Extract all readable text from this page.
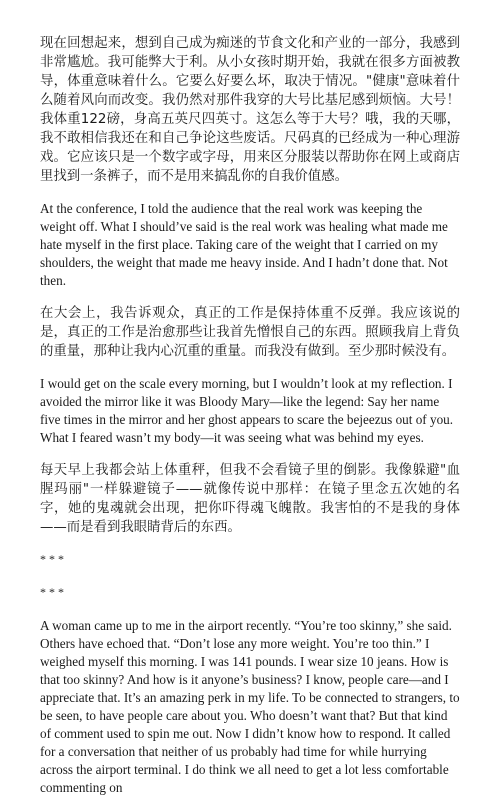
现在回想起来，想到自己成为痴迷的节食文化和产业的一部分，我感到非常尴尬。我可能弊大于利。从小女孩时期开始，我就在很多方面被教导，体重意味着什么。它要么好要么坏，取决于情况。"健康"意味着什么随着风向而改变。我仍然对那件我穿的大号比基尼感到烦恼。大号！我体重122磅，身高五英尺四英寸。这怎么等于大号？哦，我的天哪，我不敢相信我还在和自己争论这些废话。尺码真的已经成为一种心理游戏。它应该只是一个数字或字母，用来区分服装以帮助你在网上或商店里找到一条裤子，而不是用来搞乱你的自我价值感。

At the conference, I told the audience that the real work was keeping the weight off. What I should’ve said is the real work was healing what made me hate myself in the first place. Taking care of the weight that I carried on my shoulders, the weight that made me heavy inside. And I hadn’t done that. Not then.

在大会上，我告诉观众，真正的工作是保持体重不反弹。我应该说的是，真正的工作是治愈那些让我首先憎恨自己的东西。照顾我肩上背负的重量，那种让我内心沉重的重量。而我没有做到。至少那时候没有。

I would get on the scale every morning, but I wouldn’t look at my reflection. I avoided the mirror like it was Bloody Mary—like the legend: Say her name five times in the mirror and her ghost appears to scare the bejeezus out of you. What I feared wasn’t my body—it was seeing what was behind my eyes.

每天早上我都会站上体重秤，但我不会看镜子里的倒影。我像躲避"血腥玛丽"一样躲避镜子——就像传说中那样：在镜子里念五次她的名字，她的鬼魂就会出现，把你吓得魂飞魄散。我害怕的不是我的身体——而是看到我眼睛背后的东西。

* * *

* * *

A woman came up to me in the airport recently. “You’re too skinny,” she said. Others have echoed that. “Don’t lose any more weight. You’re too thin.” I weighed myself this morning. I was 141 pounds. I wear size 10 jeans. How is that too skinny? And how is it anyone’s business? I know, people care—and I appreciate that. It’s an amazing perk in my life. To be connected to strangers, to be seen, to have people care about you. Who doesn’t want that? But that kind of comment used to spin me out. Now I didn’t know how to respond. It called for a conversation that neither of us probably had time for while hurrying across the airport terminal. I do think we all need to get a lot less comfortable commenting on
